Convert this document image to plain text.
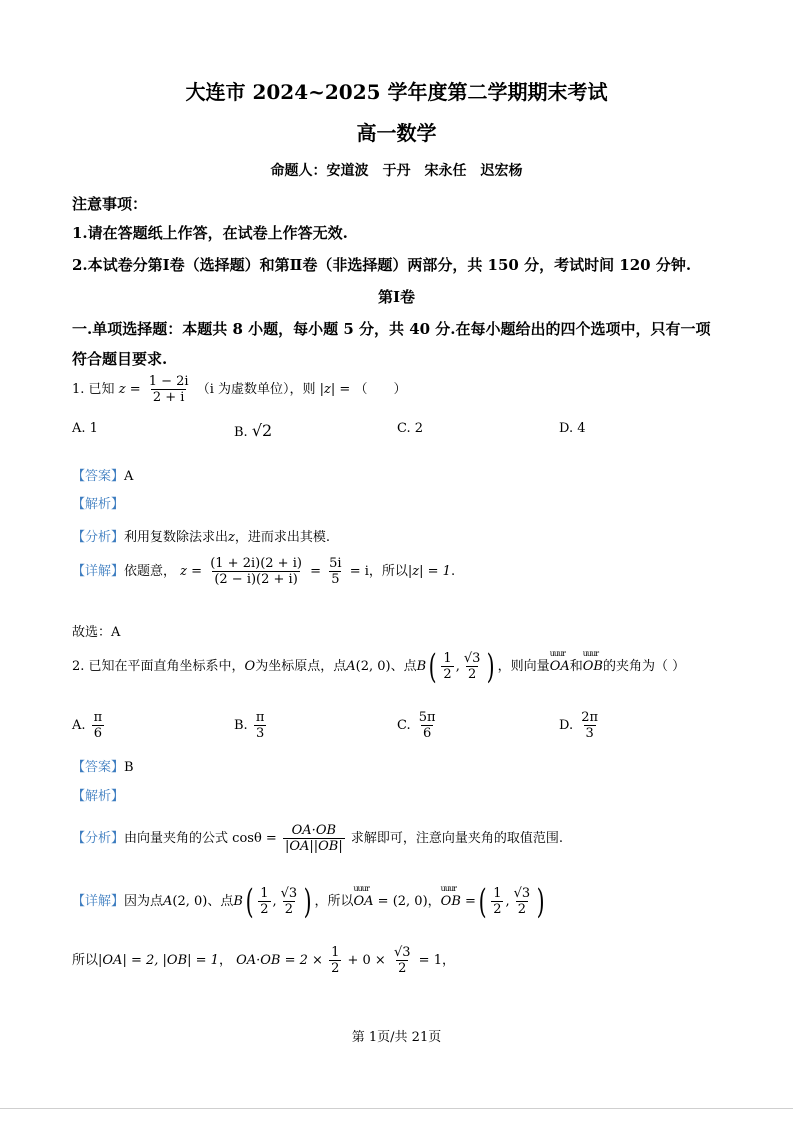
大连市 2024~2025 学年度第二学期期末考试
高一数学
命题人：安道波　于丹　宋永任　迟宏杨
注意事项：
1.请在答题纸上作答，在试卷上作答无效.
2.本试卷分第Ⅰ卷（选择题）和第Ⅱ卷（非选择题）两部分，共 150 分，考试时间 120 分钟.
第Ⅰ卷
一.单项选择题：本题共 8 小题，每小题 5 分，共 40 分.在每小题给出的四个选项中，只有一项
符合题目要求.
1. 已知 $z = \frac{1 - 2i}{2 + i} (i$ 为虚数单位），则 |z| = （　　）
A. 1	B. √2	C. 2	D. 4
【答案】A
【解析】
【分析】利用复数除法求出z，进而求出其模.
【详解】依题意， $z = \frac{(1 + 2i)(2 + i)}{(2 - i)(2 + i)} = \frac{5i}{5} = i$，所以|z| = 1.
故选：A
2. 已知在平面直角坐标系中，O为坐标原点，点A(2, 0)、点$B( \frac{1}{2}$ , $\frac{√3}{2}$ ) ，则向量uuur OA和uuur OB的夹角为（ ）
A. $\frac{\pi}{6}$	B. $\frac{\pi}{3}$	C. $\frac{5\pi}{6}$	D. $\frac{2\pi}{3}$
【答案】B
【解析】
【分析】由向量夹角的公式 $\cos\theta = \frac{OA\cdot OB}{|OA||OB|}$ 求解即可，注意向量夹角的取值范围.
【详解】因为点A(2, 0)、点$B( \frac{1}{2}$ , $\frac{√3}{2}$ ) ，所以uuur OA = (2, 0)，uuur OB =( $\frac{1}{2}$ , $\frac{√3}{2}$ )
所以|OA| = 2, |OB| = 1， $OA\cdot OB = 2 \times \frac{1}{2} + 0 \times \frac{√3}{2} = 1$，
第 1页/共 21页
